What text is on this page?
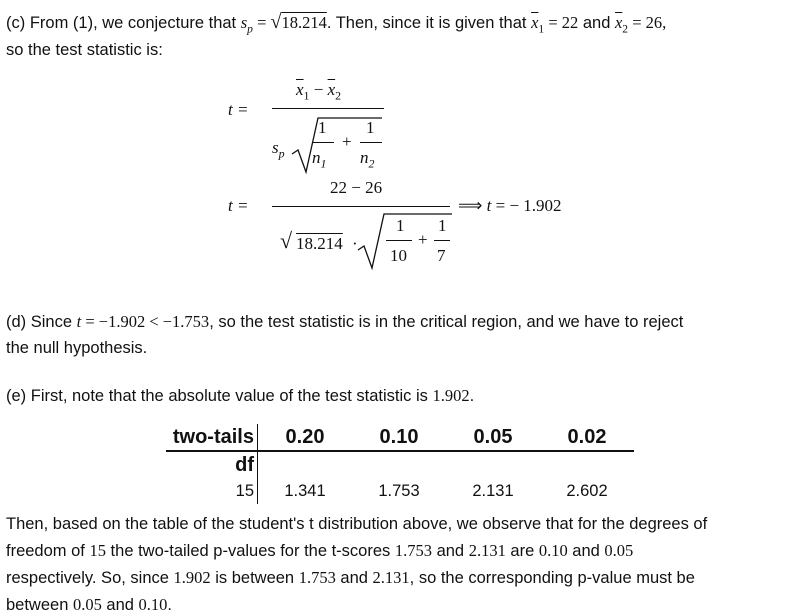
(c) From (1), we conjecture that $s_p = √18.214$. Then, since it is given that $\overline{x}_1 = 22$ and $\overline{x}_2 = 26$,
so the test statistic is:
t =
$\overline{x}_1 - \overline{x}_2$
$s_p$
1
$n_1$
+
1
$n_2$
t =
22 − 26
√ 18.214 ·
1
10
+
1
7
⟹ t = − 1.902
(d) Since t = −1.902 < −1.753, so the test statistic is in the critical region, and we have to reject
the null hypothesis.
(e) First, note that the absolute value of the test statistic is 1.902.
two-tails	0.20	0.10	0.05	0.02
df				
15	1.341	1.753	2.131	2.602
Then, based on the table of the student's t distribution above, we observe that for the degrees of
freedom of 15 the two-tailed p-values for the t-scores 1.753 and 2.131 are 0.10 and 0.05
respectively. So, since 1.902 is between 1.753 and 2.131, so the corresponding p-value must be
between 0.05 and 0.10.
